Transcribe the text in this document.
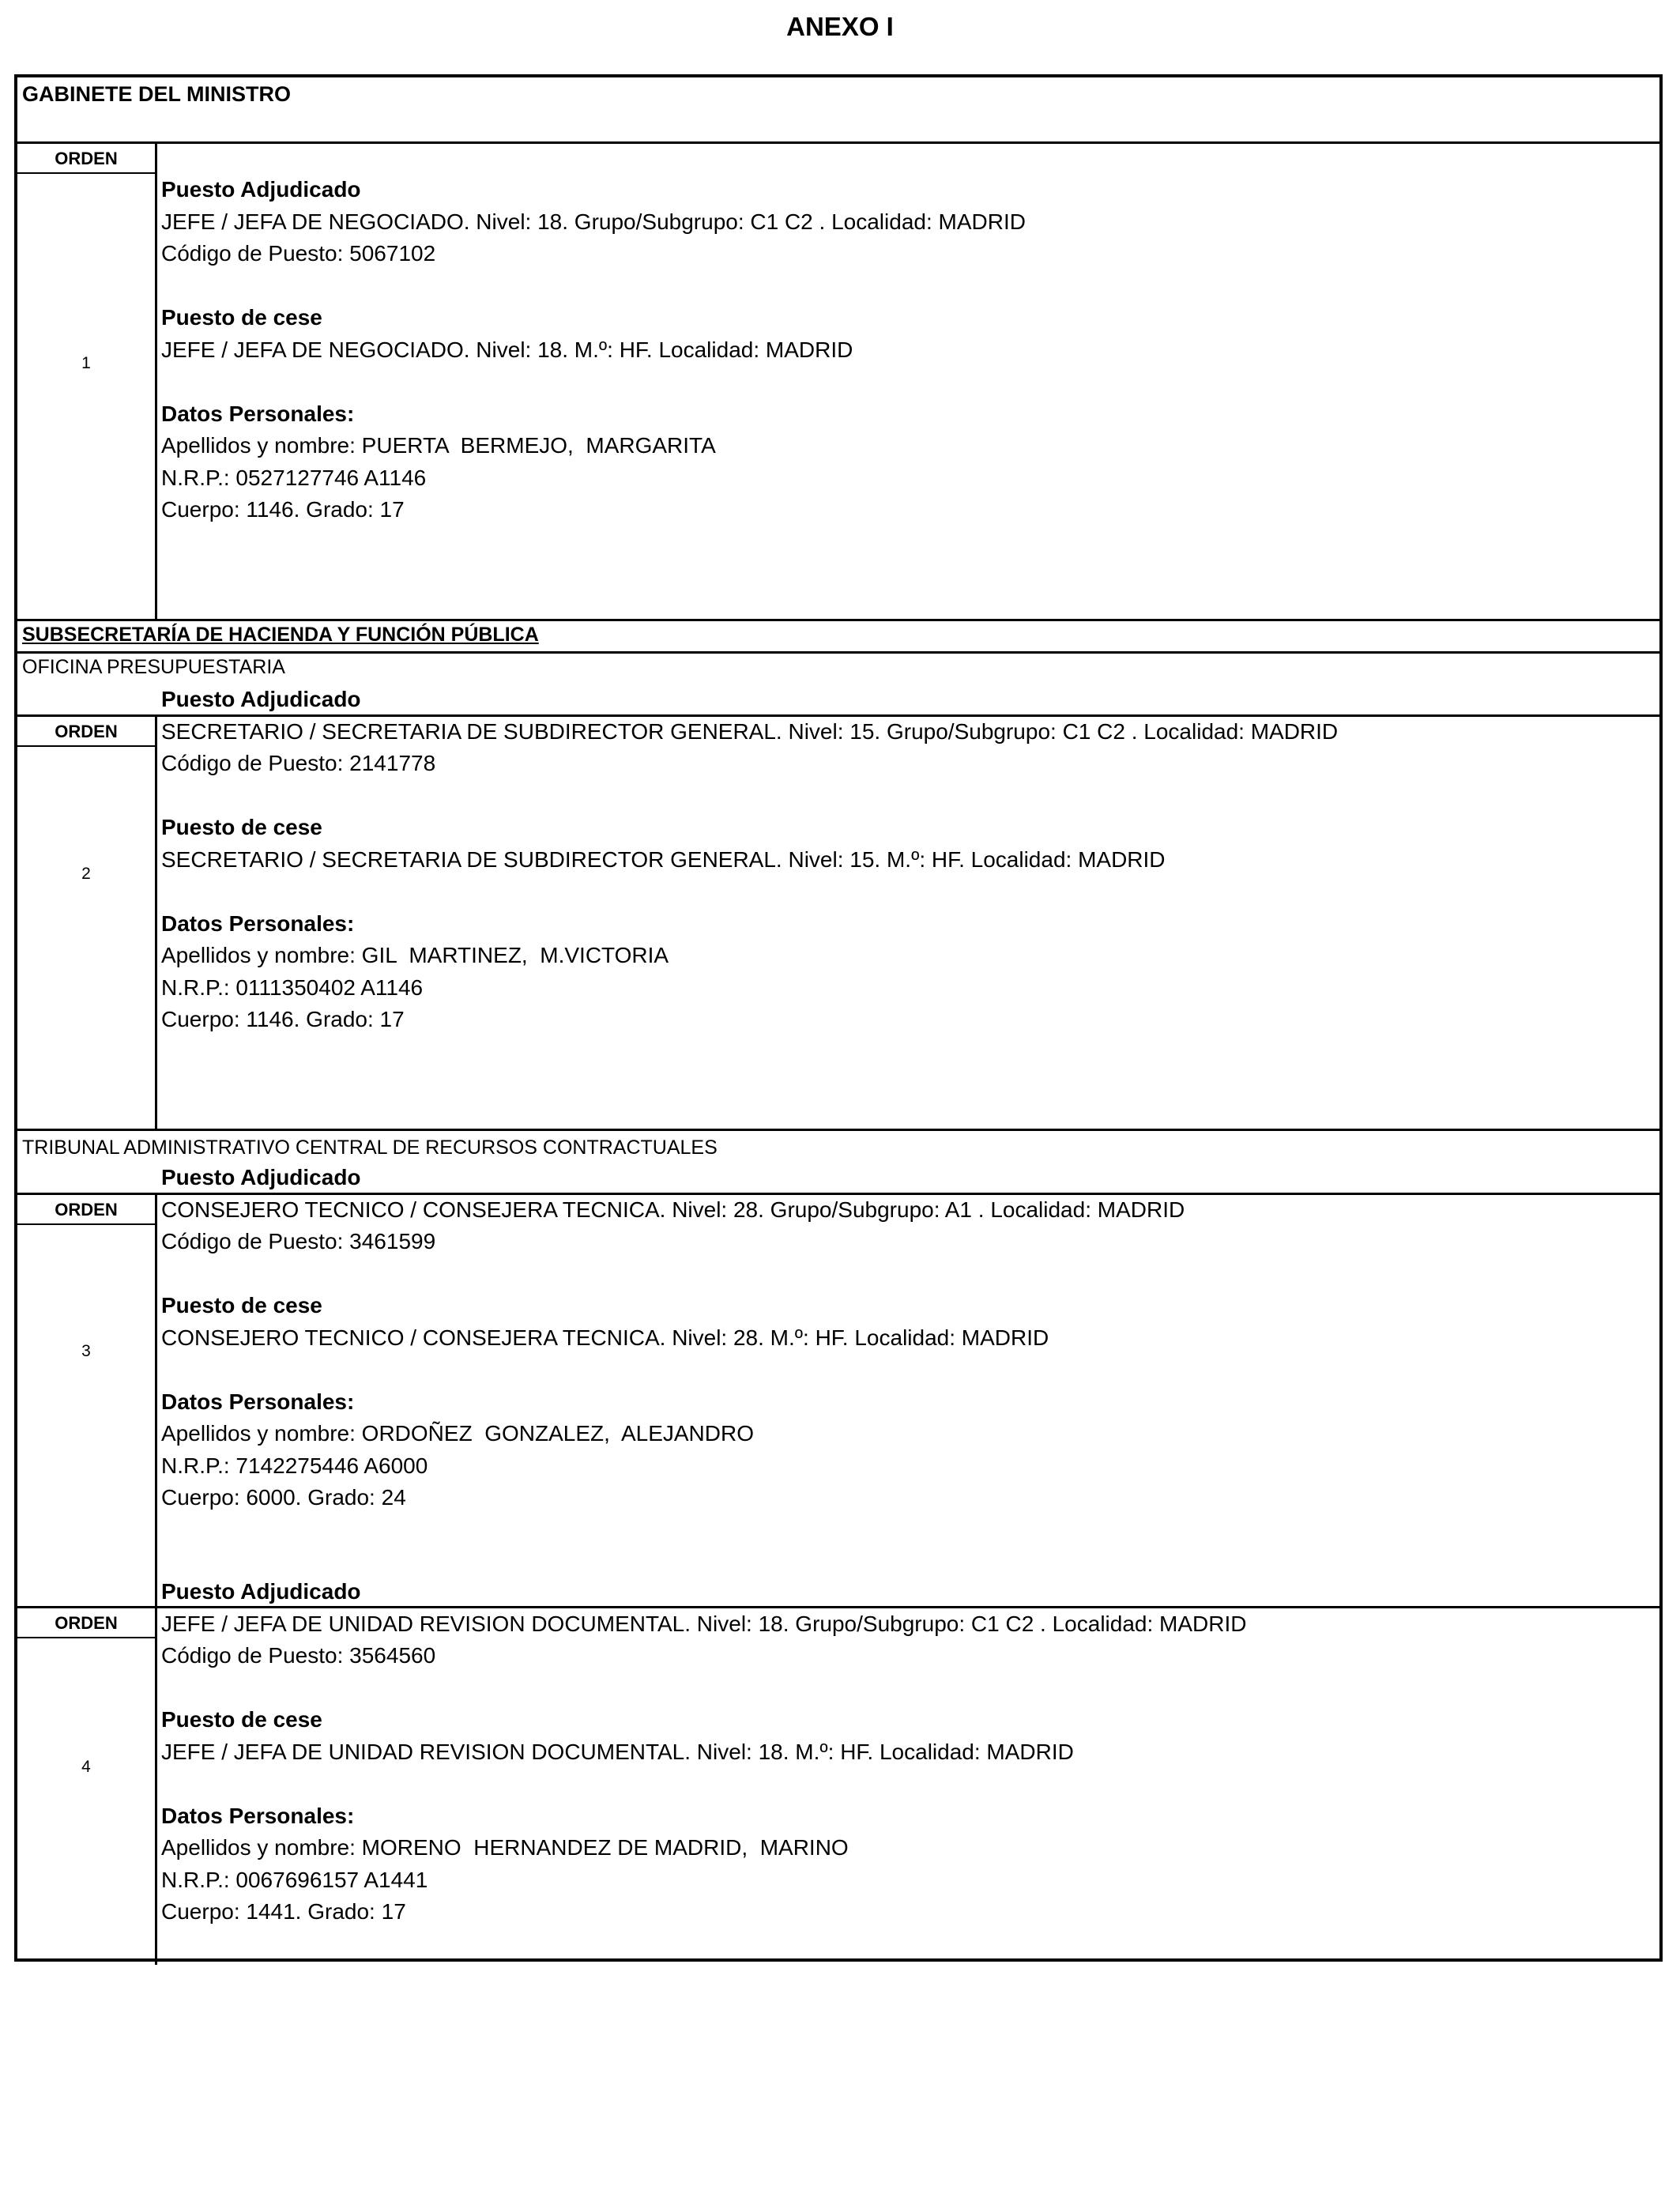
ANEXO I
GABINETE DEL MINISTRO
ORDEN
1
Puesto Adjudicado
JEFE / JEFA DE NEGOCIADO. Nivel: 18. Grupo/Subgrupo: C1 C2 . Localidad: MADRID
Código de Puesto: 5067102
Puesto de cese
JEFE / JEFA DE NEGOCIADO. Nivel: 18. M.º: HF. Localidad: MADRID
Datos Personales:
Apellidos y nombre: PUERTA  BERMEJO,  MARGARITA
N.R.P.: 0527127746 A1146
Cuerpo: 1146. Grado: 17
SUBSECRETARÍA DE HACIENDA Y FUNCIÓN PÚBLICA
OFICINA PRESUPUESTARIA
ORDEN
2
Puesto Adjudicado
SECRETARIO / SECRETARIA DE SUBDIRECTOR GENERAL. Nivel: 15. Grupo/Subgrupo: C1 C2 . Localidad: MADRID
Código de Puesto: 2141778
Puesto de cese
SECRETARIO / SECRETARIA DE SUBDIRECTOR GENERAL. Nivel: 15. M.º: HF. Localidad: MADRID
Datos Personales:
Apellidos y nombre: GIL  MARTINEZ,  M.VICTORIA
N.R.P.: 0111350402 A1146
Cuerpo: 1146. Grado: 17
TRIBUNAL ADMINISTRATIVO CENTRAL DE RECURSOS CONTRACTUALES
ORDEN
3
Puesto Adjudicado
CONSEJERO TECNICO / CONSEJERA TECNICA. Nivel: 28. Grupo/Subgrupo: A1 . Localidad: MADRID
Código de Puesto: 3461599
Puesto de cese
CONSEJERO TECNICO / CONSEJERA TECNICA. Nivel: 28. M.º: HF. Localidad: MADRID
Datos Personales:
Apellidos y nombre: ORDOÑEZ  GONZALEZ,  ALEJANDRO
N.R.P.: 7142275446 A6000
Cuerpo: 6000. Grado: 24
ORDEN
4
Puesto Adjudicado
JEFE / JEFA DE UNIDAD REVISION DOCUMENTAL. Nivel: 18. Grupo/Subgrupo: C1 C2 . Localidad: MADRID
Código de Puesto: 3564560
Puesto de cese
JEFE / JEFA DE UNIDAD REVISION DOCUMENTAL. Nivel: 18. M.º: HF. Localidad: MADRID
Datos Personales:
Apellidos y nombre: MORENO  HERNANDEZ DE MADRID,  MARINO
N.R.P.: 0067696157 A1441
Cuerpo: 1441. Grado: 17
